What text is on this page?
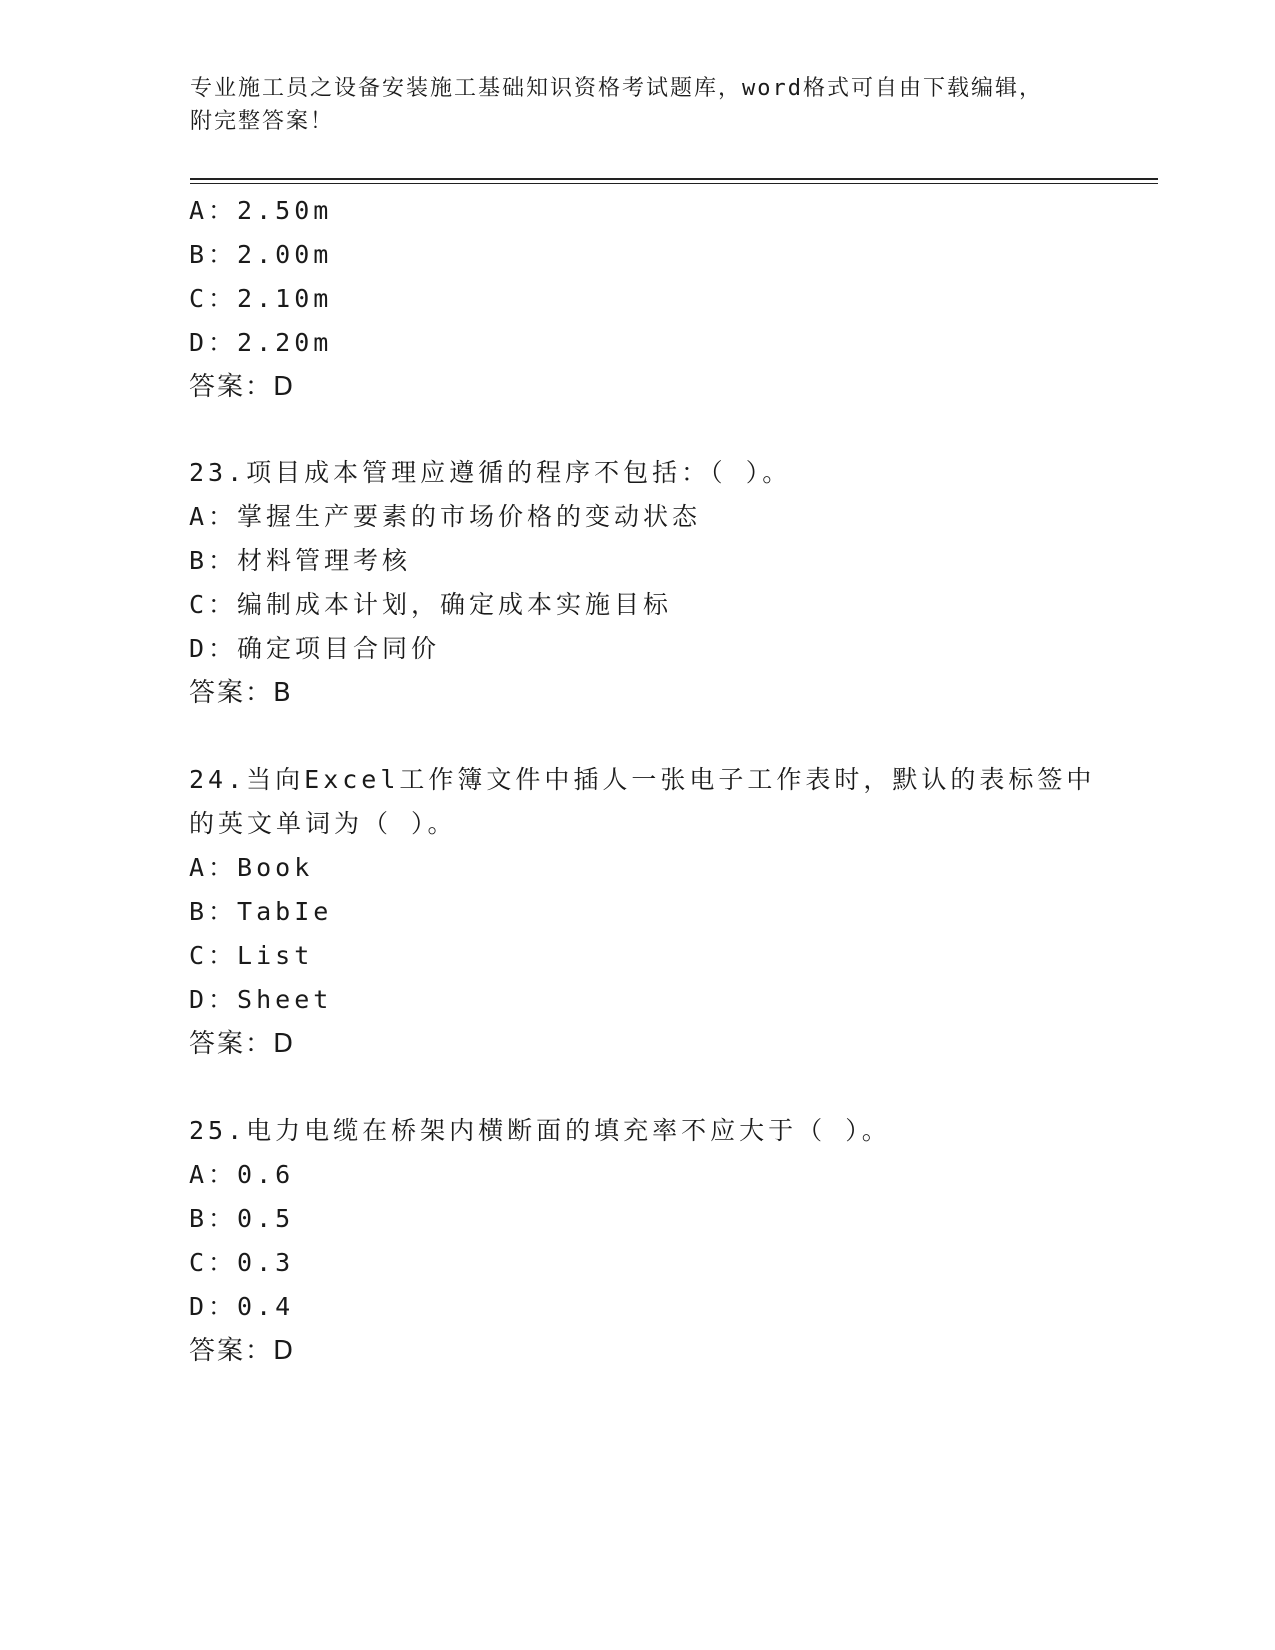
专业施工员之设备安装施工基础知识资格考试题库，word格式可自由下载编辑，
附完整答案！
A：2.50m
B：2.00m
C：2.10m
D：2.20m
答案：D
23.项目成本管理应遵循的程序不包括：（ ）。
A：掌握生产要素的市场价格的变动状态
B：材料管理考核
C：编制成本计划，确定成本实施目标
D：确定项目合同价
答案：B
24.当向Excel工作簿文件中插人一张电子工作表时，默认的表标签中
的英文单词为（ ）。
A：Book
B：TabIe
C：List
D：Sheet
答案：D
25.电力电缆在桥架内横断面的填充率不应大于（ ）。
A：0.6
B：0.5
C：0.3
D：0.4
答案：D
